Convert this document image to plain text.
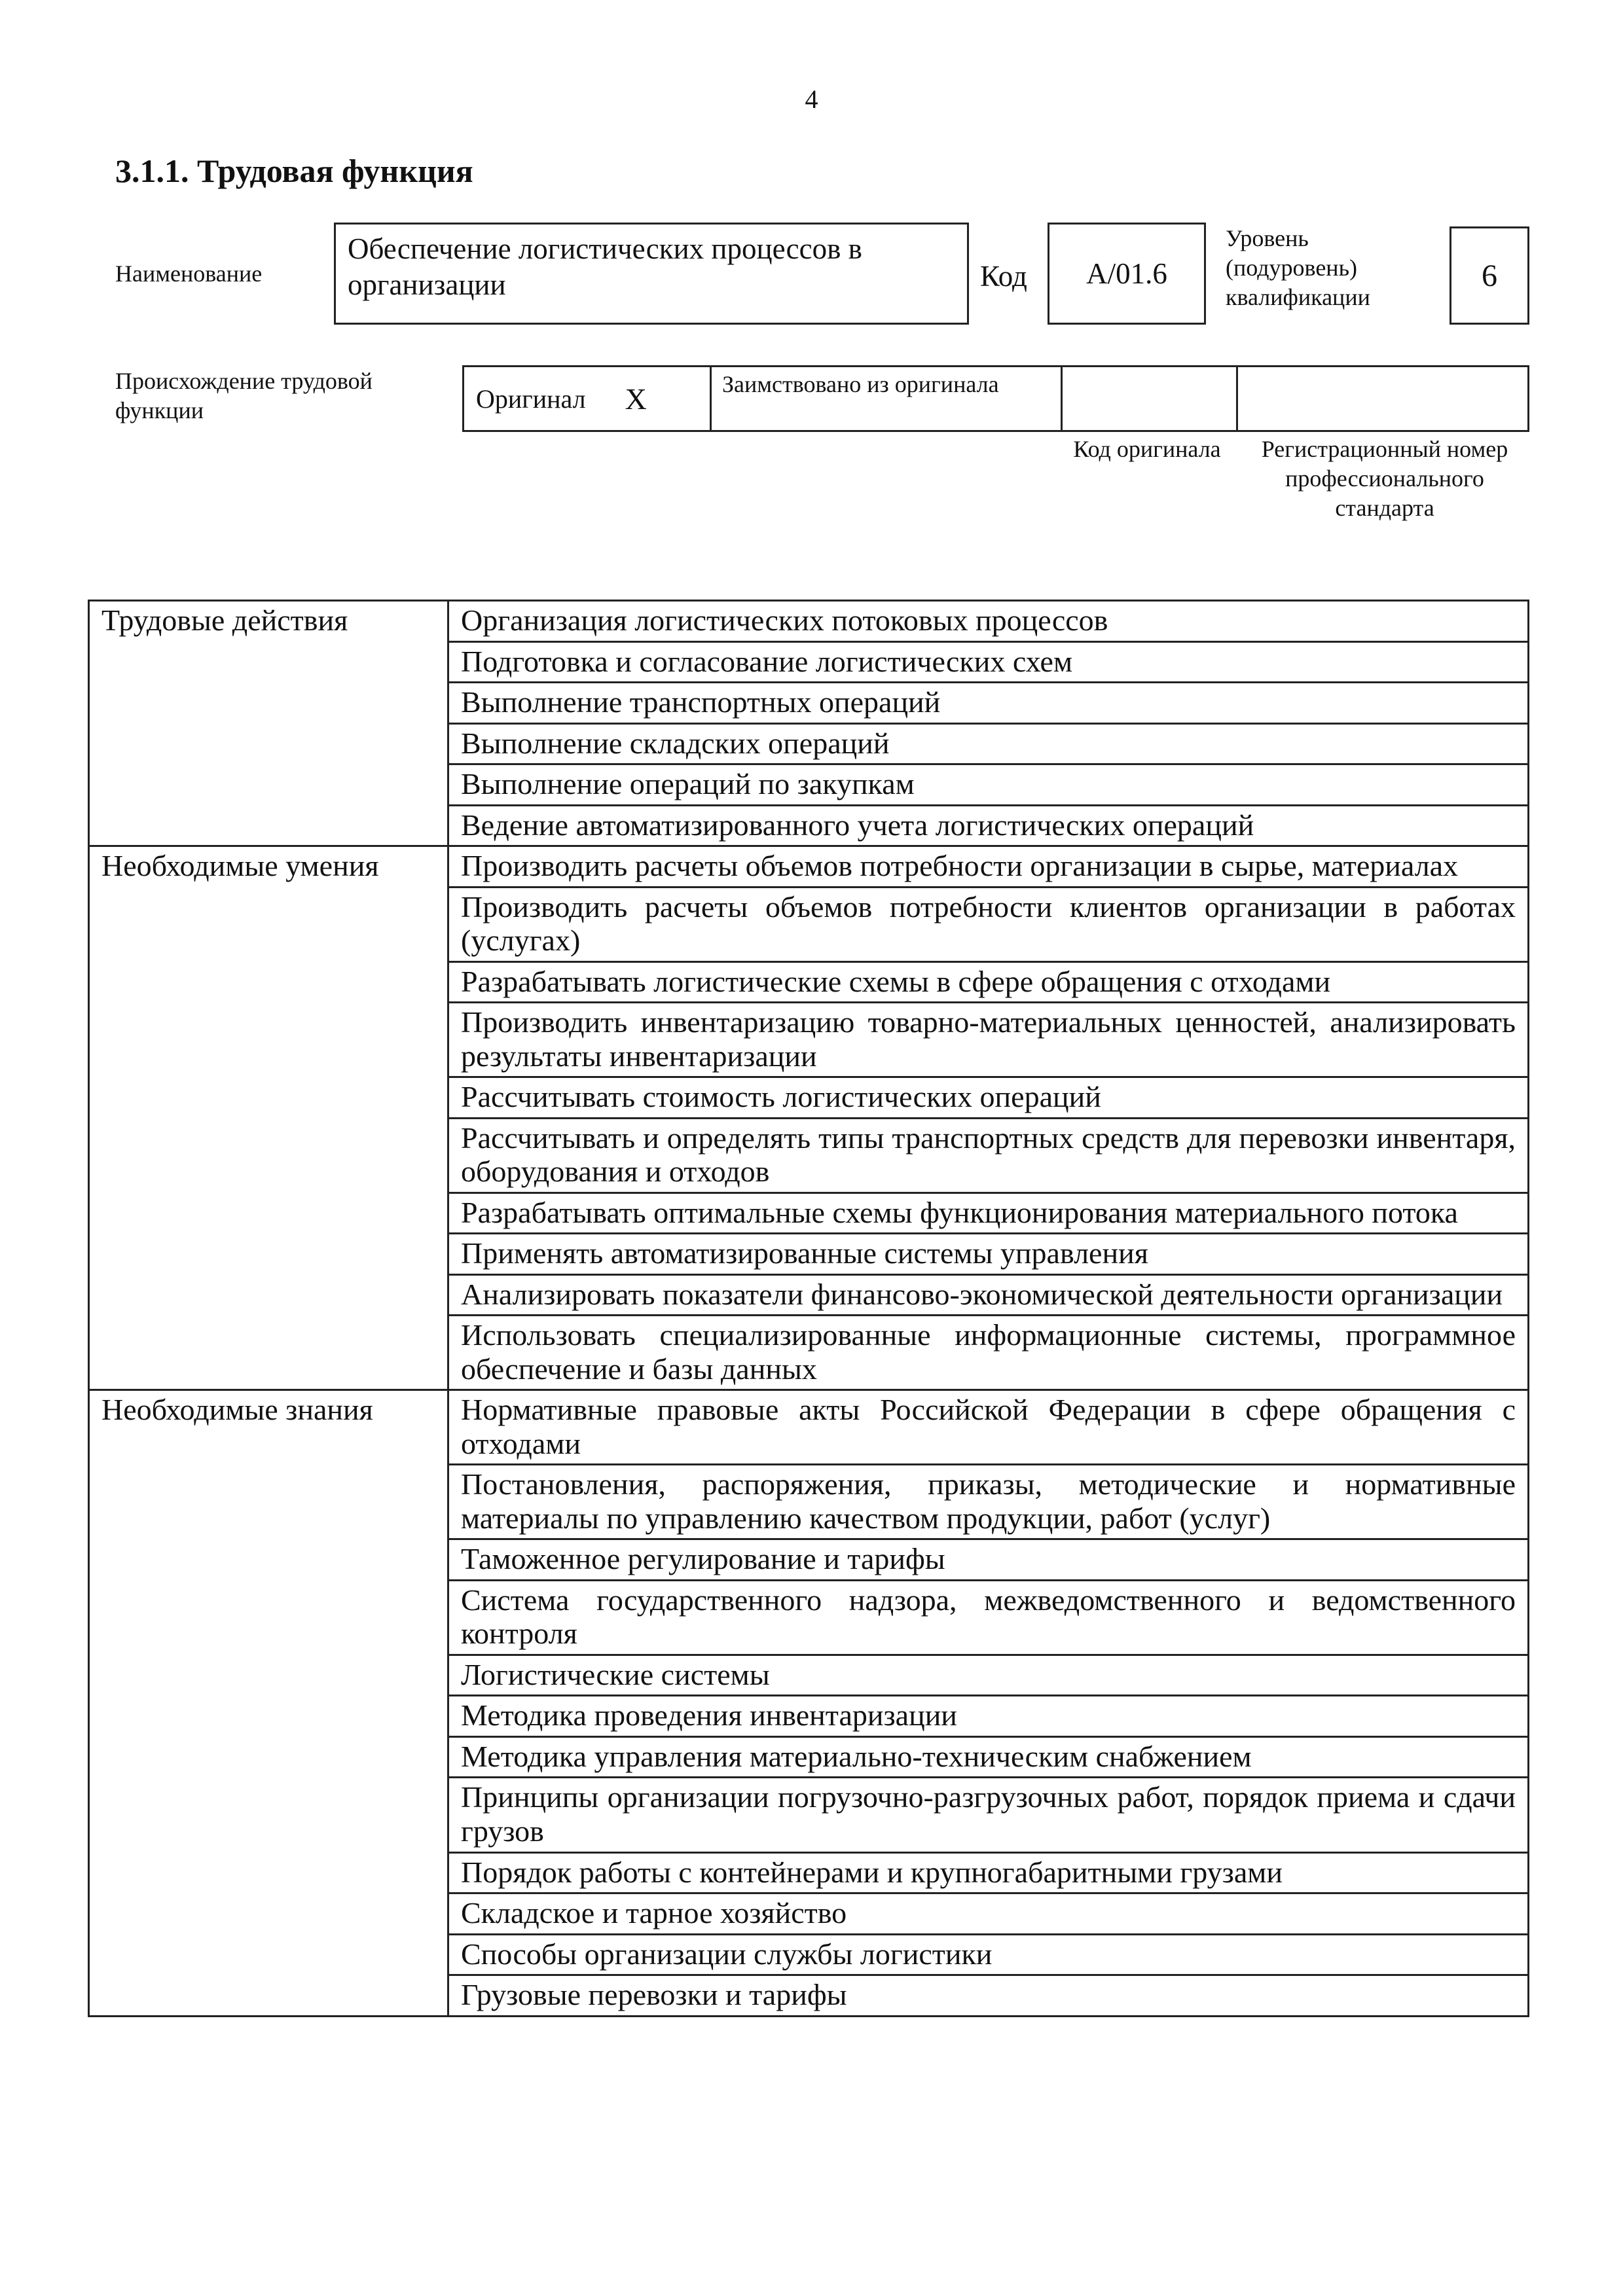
4
3.1.1. Трудовая функция
Наименование
Обеспечение логистических процессов в организации	Код	А/01.6
Уровень
(подуровень)
квалификации
6
Происхождение трудовой функции	Оригинал Х	Заимствовано из оригинала
Код оригинала	Регистрационный номер профессионального стандарта
Трудовые действия	Организация логистических потоковых процессов
	Подготовка и согласование логистических схем
	Выполнение транспортных операций
	Выполнение складских операций
	Выполнение операций по закупкам
	Ведение автоматизированного учета логистических операций
Необходимые умения	Производить расчеты объемов потребности организации в сырье, материалах
	Производить расчеты объемов потребности клиентов организации в работах (услугах)
	Разрабатывать логистические схемы в сфере обращения с отходами
	Производить инвентаризацию товарно-материальных ценностей, анализировать результаты инвентаризации
	Рассчитывать стоимость логистических операций
	Рассчитывать и определять типы транспортных средств для перевозки инвентаря, оборудования и отходов
	Разрабатывать оптимальные схемы функционирования материального потока
	Применять автоматизированные системы управления
	Анализировать показатели финансово-экономической деятельности организации
	Использовать специализированные информационные системы, программное обеспечение и базы данных
Необходимые знания	Нормативные правовые акты Российской Федерации в сфере обращения с отходами
	Постановления, распоряжения, приказы, методические и нормативные материалы по управлению качеством продукции, работ (услуг)
	Таможенное регулирование и тарифы
	Система государственного надзора, межведомственного и ведомственного контроля
	Логистические системы
	Методика проведения инвентаризации
	Методика управления материально-техническим снабжением
	Принципы организации погрузочно-разгрузочных работ, порядок приема и сдачи грузов
	Порядок работы с контейнерами и крупногабаритными грузами
	Складское и тарное хозяйство
	Способы организации службы логистики
	Грузовые перевозки и тарифы
